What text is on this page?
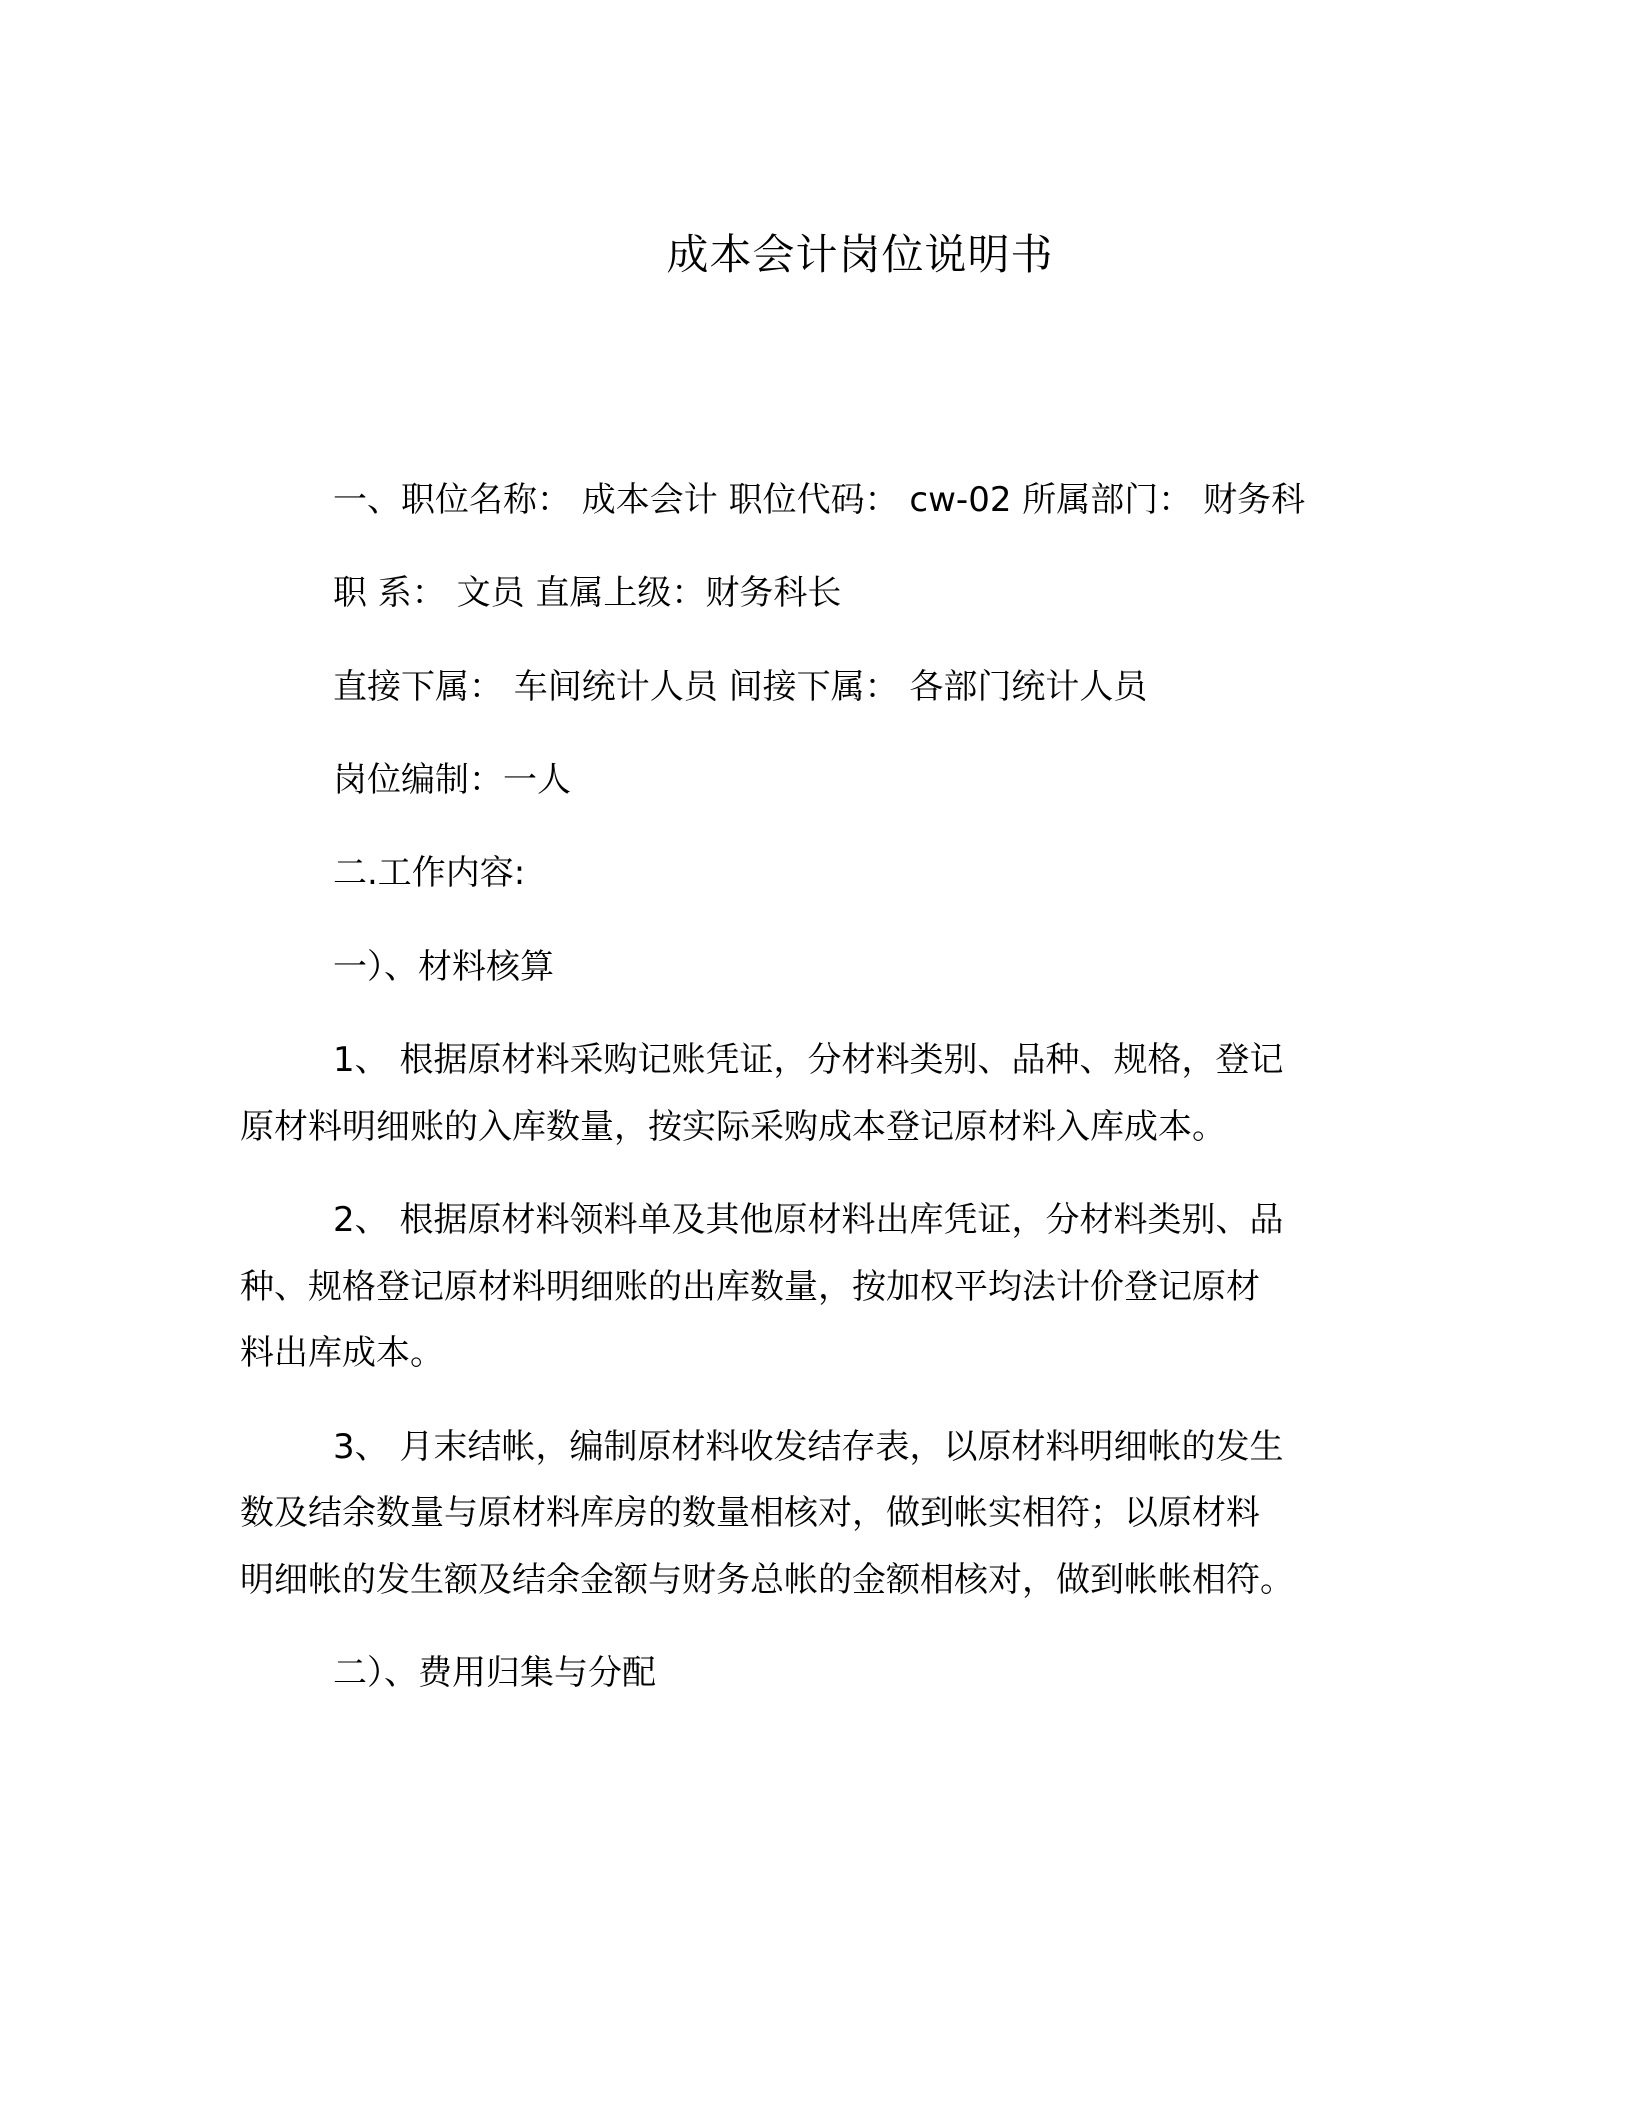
成本会计岗位说明书
一、职位名称： 成本会计 职位代码： cw-02 所属部门： 财务科
职 系： 文员 直属上级：财务科长
直接下属： 车间统计人员 间接下属： 各部门统计人员
岗位编制：一人
二.工作内容:
一）、材料核算
1、 根据原材料采购记账凭证，分材料类别、品种、规格，登记
原材料明细账的入库数量，按实际采购成本登记原材料入库成本。
2、 根据原材料领料单及其他原材料出库凭证，分材料类别、品
种、规格登记原材料明细账的出库数量，按加权平均法计价登记原材
料出库成本。
3、 月末结帐，编制原材料收发结存表，以原材料明细帐的发生
数及结余数量与原材料库房的数量相核对，做到帐实相符；以原材料
明细帐的发生额及结余金额与财务总帐的金额相核对，做到帐帐相符。
二）、费用归集与分配
